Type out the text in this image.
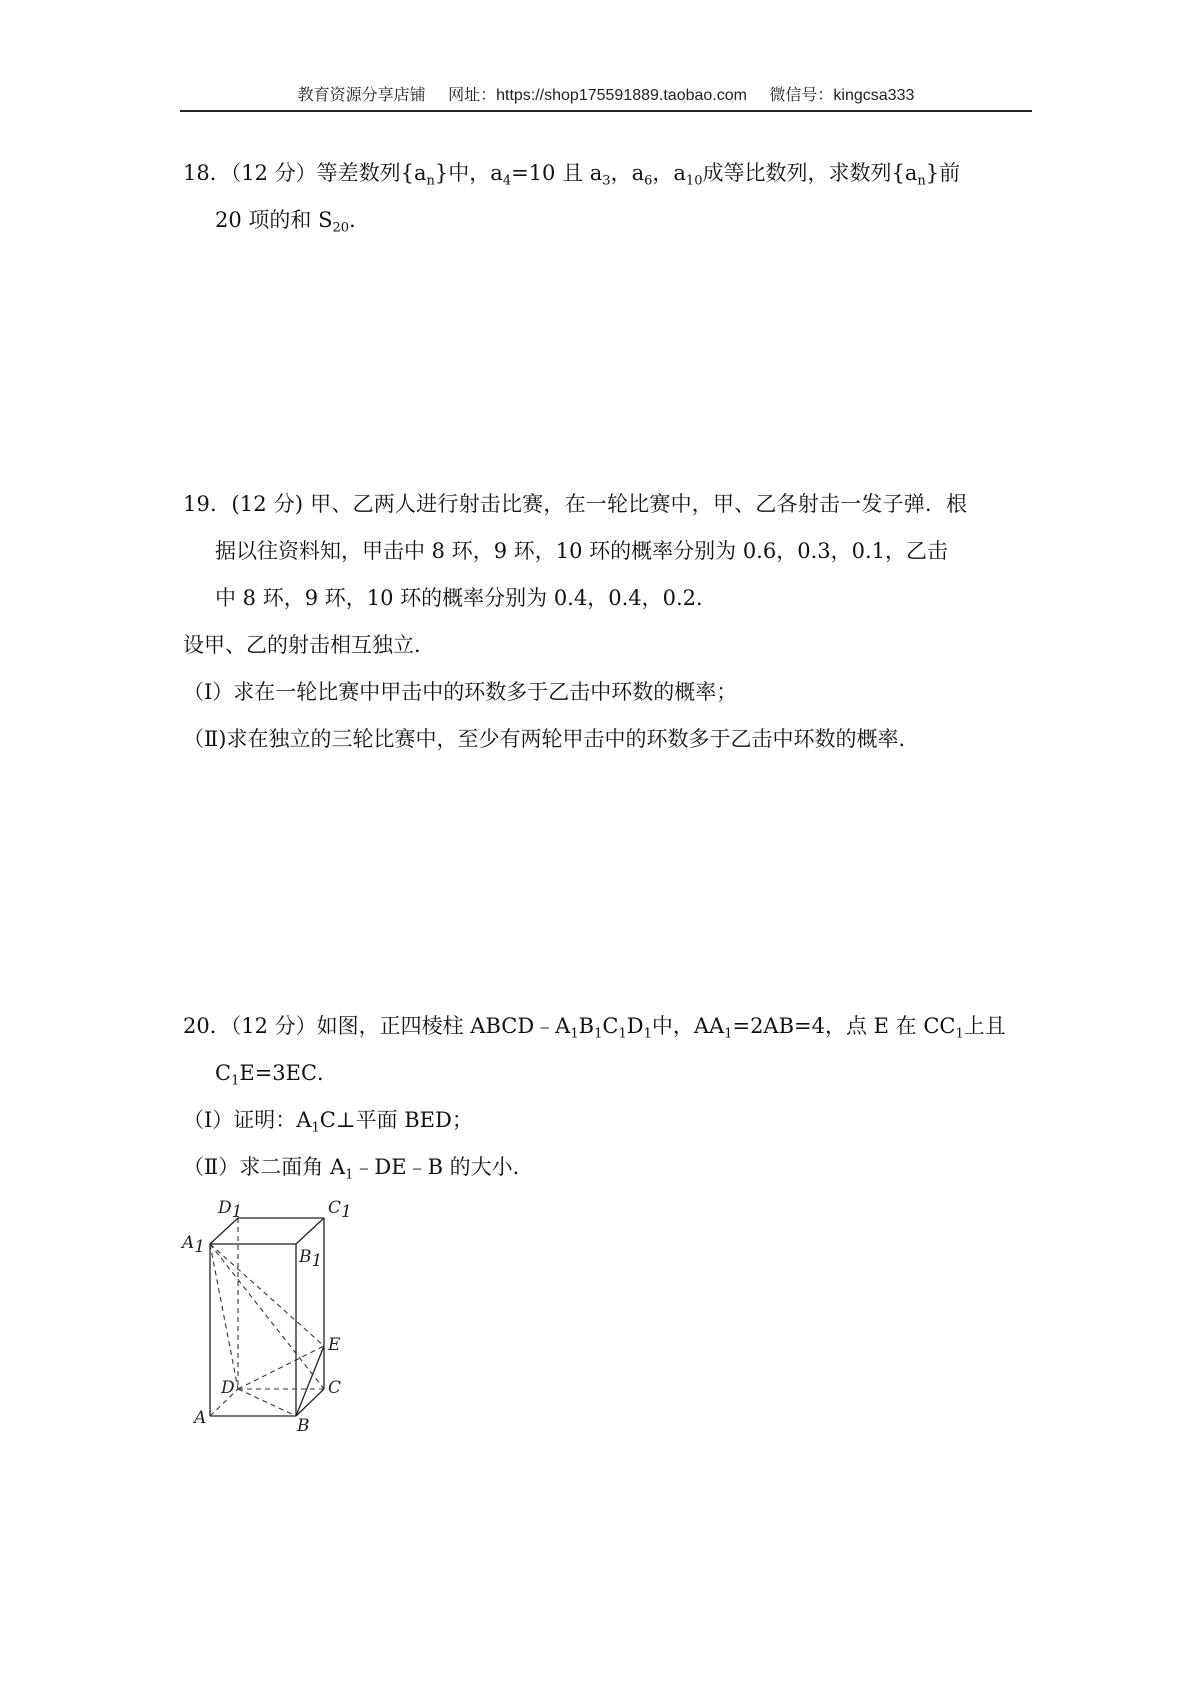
教育资源分享店铺 网址：https://shop175591889.taobao.com 微信号：kingcsa333
18．（12 分）等差数列$\{a_n\}$中，$a_4=10$ 且 $a_3$，$a_6$，$a_{10}$成等比数列，求数列$\{a_n\}$前
20 项的和 $S_{20}$.
19．(12 分) 甲、乙两人进行射击比赛，在一轮比赛中，甲、乙各射击一发子弹．根
据以往资料知，甲击中 8 环，9 环，10 环的概率分别为 0.6，0.3，0.1，乙击
中 8 环，9 环，10 环的概率分别为 0.4，0.4，0.2．
设甲、乙的射击相互独立．
（Ⅰ）求在一轮比赛中甲击中的环数多于乙击中环数的概率；
（Ⅱ)求在独立的三轮比赛中，至少有两轮甲击中的环数多于乙击中环数的概率．
20．（12 分）如图，正四棱柱 $ABCD﹣A_1B_1C_1D_1$中，$AA_1=2AB=4$，点 E 在 $CC_1$上且
$C_1E=3EC$．
（Ⅰ）证明：$A_1C\perp$平面 BED；
（Ⅱ）求二面角 $A_1﹣DE﹣B$ 的大小．
D1	C1
A1	B1
E
D	C
A	B
